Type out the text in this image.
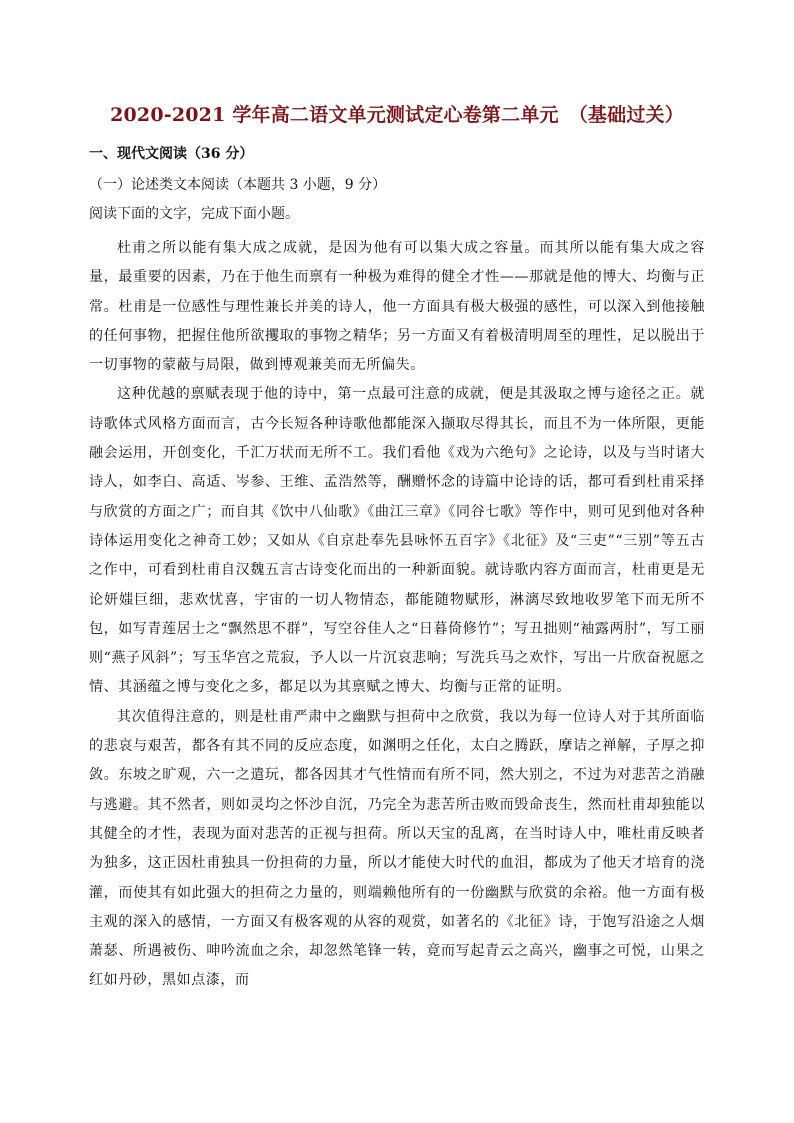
2020-2021 学年高二语文单元测试定心卷第二单元 （基础过关）
一、现代文阅读（36 分）
（一）论述类文本阅读（本题共 3 小题，9 分）
阅读下面的文字，完成下面小题。

杜甫之所以能有集大成之成就，是因为他有可以集大成之容量。而其所以能有集大成之容量，最重要的因素，乃在于他生而禀有一种极为难得的健全才性——那就是他的博大、均衡与正常。杜甫是一位感性与理性兼长并美的诗人，他一方面具有极大极强的感性，可以深入到他接触的任何事物，把握住他所欲攫取的事物之精华；另一方面又有着极清明周至的理性，足以脱出于一切事物的蒙蔽与局限，做到博观兼美而无所偏失。

这种优越的禀赋表现于他的诗中，第一点最可注意的成就，便是其汲取之博与途径之正。就诗歌体式风格方面而言，古今长短各种诗歌他都能深入撷取尽得其长，而且不为一体所限，更能融会运用，开创变化，千汇万状而无所不工。我们看他《戏为六绝句》之论诗，以及与当时诸大诗人，如李白、高适、岑参、王维、孟浩然等，酬赠怀念的诗篇中论诗的话，都可看到杜甫采择与欣赏的方面之广；而自其《饮中八仙歌》《曲江三章》《同谷七歌》等作中，则可见到他对各种诗体运用变化之神奇工妙；又如从《自京赴奉先县咏怀五百字》《北征》及“三吏”“三别”等五古之作中，可看到杜甫自汉魏五言古诗变化而出的一种新面貌。就诗歌内容方面而言，杜甫更是无论妍媸巨细，悲欢忧喜，宇宙的一切人物情态，都能随物赋形，淋漓尽致地收罗笔下而无所不包，如写青莲居士之“飘然思不群”，写空谷佳人之“日暮倚修竹”；写丑拙则“袖露两肘”，写工丽则“燕子风斜”；写玉华宫之荒寂，予人以一片沉哀悲响；写洗兵马之欢忭，写出一片欣奋祝愿之情、其涵蕴之博与变化之多，都足以为其禀赋之博大、均衡与正常的证明。

其次值得注意的，则是杜甫严肃中之幽默与担荷中之欣赏，我以为每一位诗人对于其所面临的悲哀与艰苦，都各有其不同的反应态度，如渊明之任化，太白之腾跃，摩诘之禅解，子厚之抑敛。东坡之旷观，六一之遣玩，都各因其才气性情而有所不同，然大别之，不过为对悲苦之消融与逃避。其不然者，则如灵均之怀沙自沉，乃完全为悲苦所击败而毁命丧生，然而杜甫却独能以其健全的才性，表现为面对悲苦的正视与担荷。所以天宝的乱离，在当时诗人中，唯杜甫反映者为独多，这正因杜甫独具一份担荷的力量，所以才能使大时代的血泪，都成为了他天才培育的浇灌，而使其有如此强大的担荷之力量的，则端赖他所有的一份幽默与欣赏的余裕。他一方面有极主观的深入的感情，一方面又有极客观的从容的观赏，如著名的《北征》诗，于饱写沿途之人烟萧瑟、所遇被伤、呻吟流血之余，却忽然笔锋一转，竟而写起青云之高兴，幽事之可悦，山果之红如丹砂，黑如点漆，而
